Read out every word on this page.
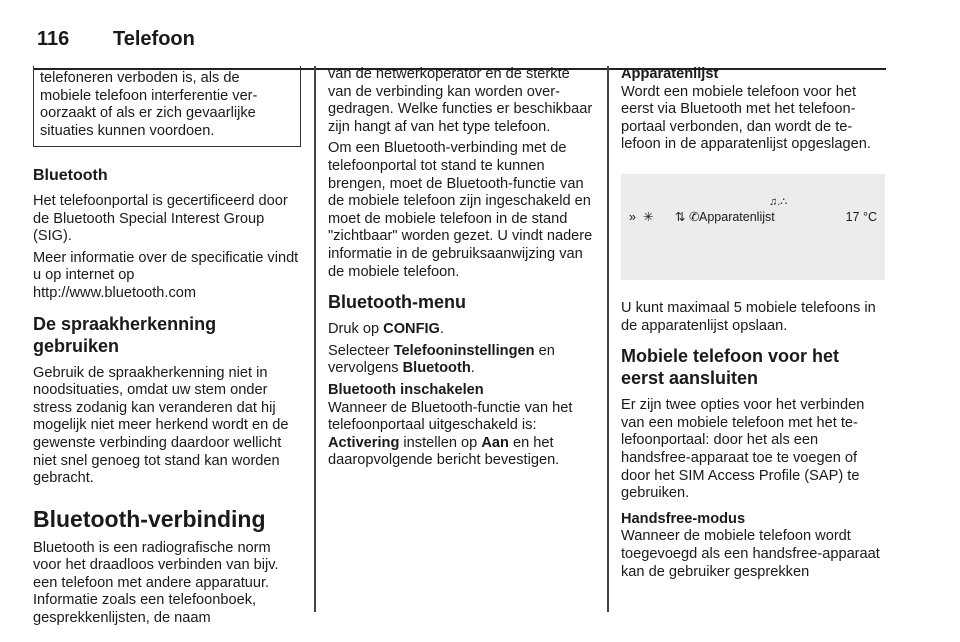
116 Telefoon

telefoneren verboden is, als de mobiele telefoon interferentie veroorzaakt of als er zich gevaarlijke situaties kunnen voordoen.

Bluetooth

Het telefoonportal is gecertificeerd door de Bluetooth Special Interest Group (SIG).

Meer informatie over de specificatie vindt u op internet op http://www.bluetooth.com

De spraakherkenning gebruiken

Gebruik de spraakherkenning niet in noodsituaties, omdat uw stem onder stress zodanig kan veranderen dat hij mogelijk niet meer herkend wordt en de gewenste verbinding daardoor wellicht niet snel genoeg tot stand kan worden gebracht.

Bluetooth-verbinding

Bluetooth is een radiografische norm voor het draadloos verbinden van bijv. een telefoon met andere apparatuur. Informatie zoals een telefoonboek, gesprekkenlijsten, de naam

van de netwerkoperator en de sterkte van de verbinding kan worden overgedragen. Welke functies er beschikbaar zijn hangt af van het type telefoon.

Om een Bluetooth-verbinding met de telefoonportal tot stand te kunnen brengen, moet de Bluetooth-functie van de mobiele telefoon zijn ingeschakeld en moet de mobiele telefoon in de stand "zichtbaar" worden gezet. U vindt nadere informatie in de gebruiksaanwijzing van de mobiele telefoon.

Bluetooth-menu

Druk op CONFIG.

Selecteer Telefooninstellingen en vervolgens Bluetooth.

Bluetooth inschakelen

Wanneer de Bluetooth-functie van het telefoonportaal uitgeschakeld is: Activering instellen op Aan en het daaropvolgende bericht bevestigen.

Apparatenlijst

Wordt een mobiele telefoon voor het eerst via Bluetooth met het telefoonportaal verbonden, dan wordt de telefoon in de apparatenlijst opgeslagen.

» ✳ ⇅ ✆ Apparatenlijst	17 °C
♫.∴

U kunt maximaal 5 mobiele telefoons in de apparatenlijst opslaan.

Mobiele telefoon voor het eerst aansluiten

Er zijn twee opties voor het verbinden van een mobiele telefoon met het telefoonportaal: door het als een handsfree-apparaat toe te voegen of door het SIM Access Profile (SAP) te gebruiken.

Handsfree-modus

Wanneer de mobiele telefoon wordt toegevoegd als een handsfree-apparaat kan de gebruiker gesprekken
